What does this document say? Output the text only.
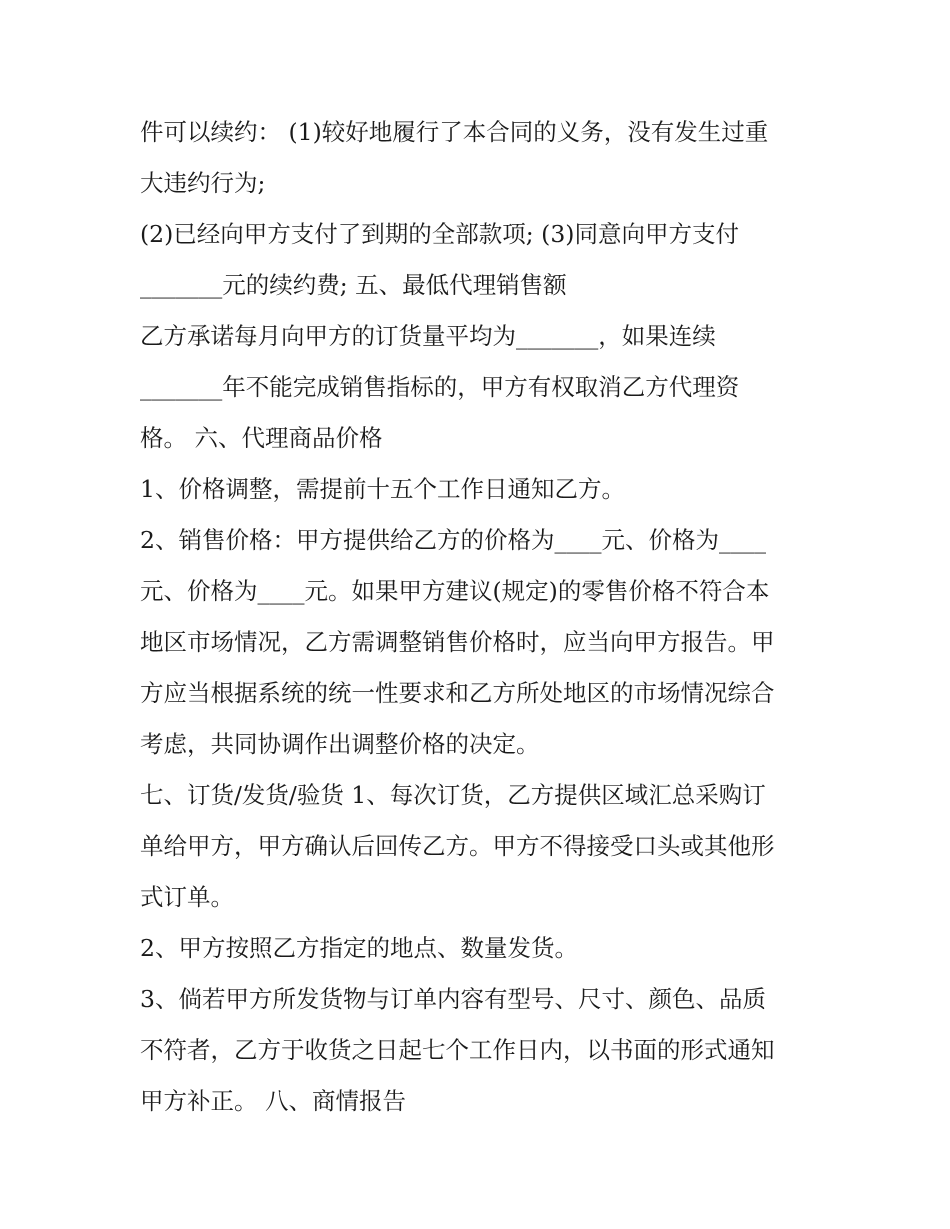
件可以续约： (1)较好地履行了本合同的义务，没有发生过重
大违约行为;
(2)已经向甲方支付了到期的全部款项; (3)同意向甲方支付
_______元的续约费; 五、最低代理销售额
乙方承诺每月向甲方的订货量平均为_______，如果连续
_______年不能完成销售指标的，甲方有权取消乙方代理资
格。 六、代理商品价格
1、价格调整，需提前十五个工作日通知乙方。
2、销售价格：甲方提供给乙方的价格为____元、价格为____
元、价格为____元。如果甲方建议(规定)的零售价格不符合本
地区市场情况，乙方需调整销售价格时，应当向甲方报告。甲
方应当根据系统的统一性要求和乙方所处地区的市场情况综合
考虑，共同协调作出调整价格的决定。
七、订货/发货/验货 1、每次订货，乙方提供区域汇总采购订
单给甲方，甲方确认后回传乙方。甲方不得接受口头或其他形
式订单。
2、甲方按照乙方指定的地点、数量发货。
3、倘若甲方所发货物与订单内容有型号、尺寸、颜色、品质
不符者，乙方于收货之日起七个工作日内，以书面的形式通知
甲方补正。 八、商情报告
